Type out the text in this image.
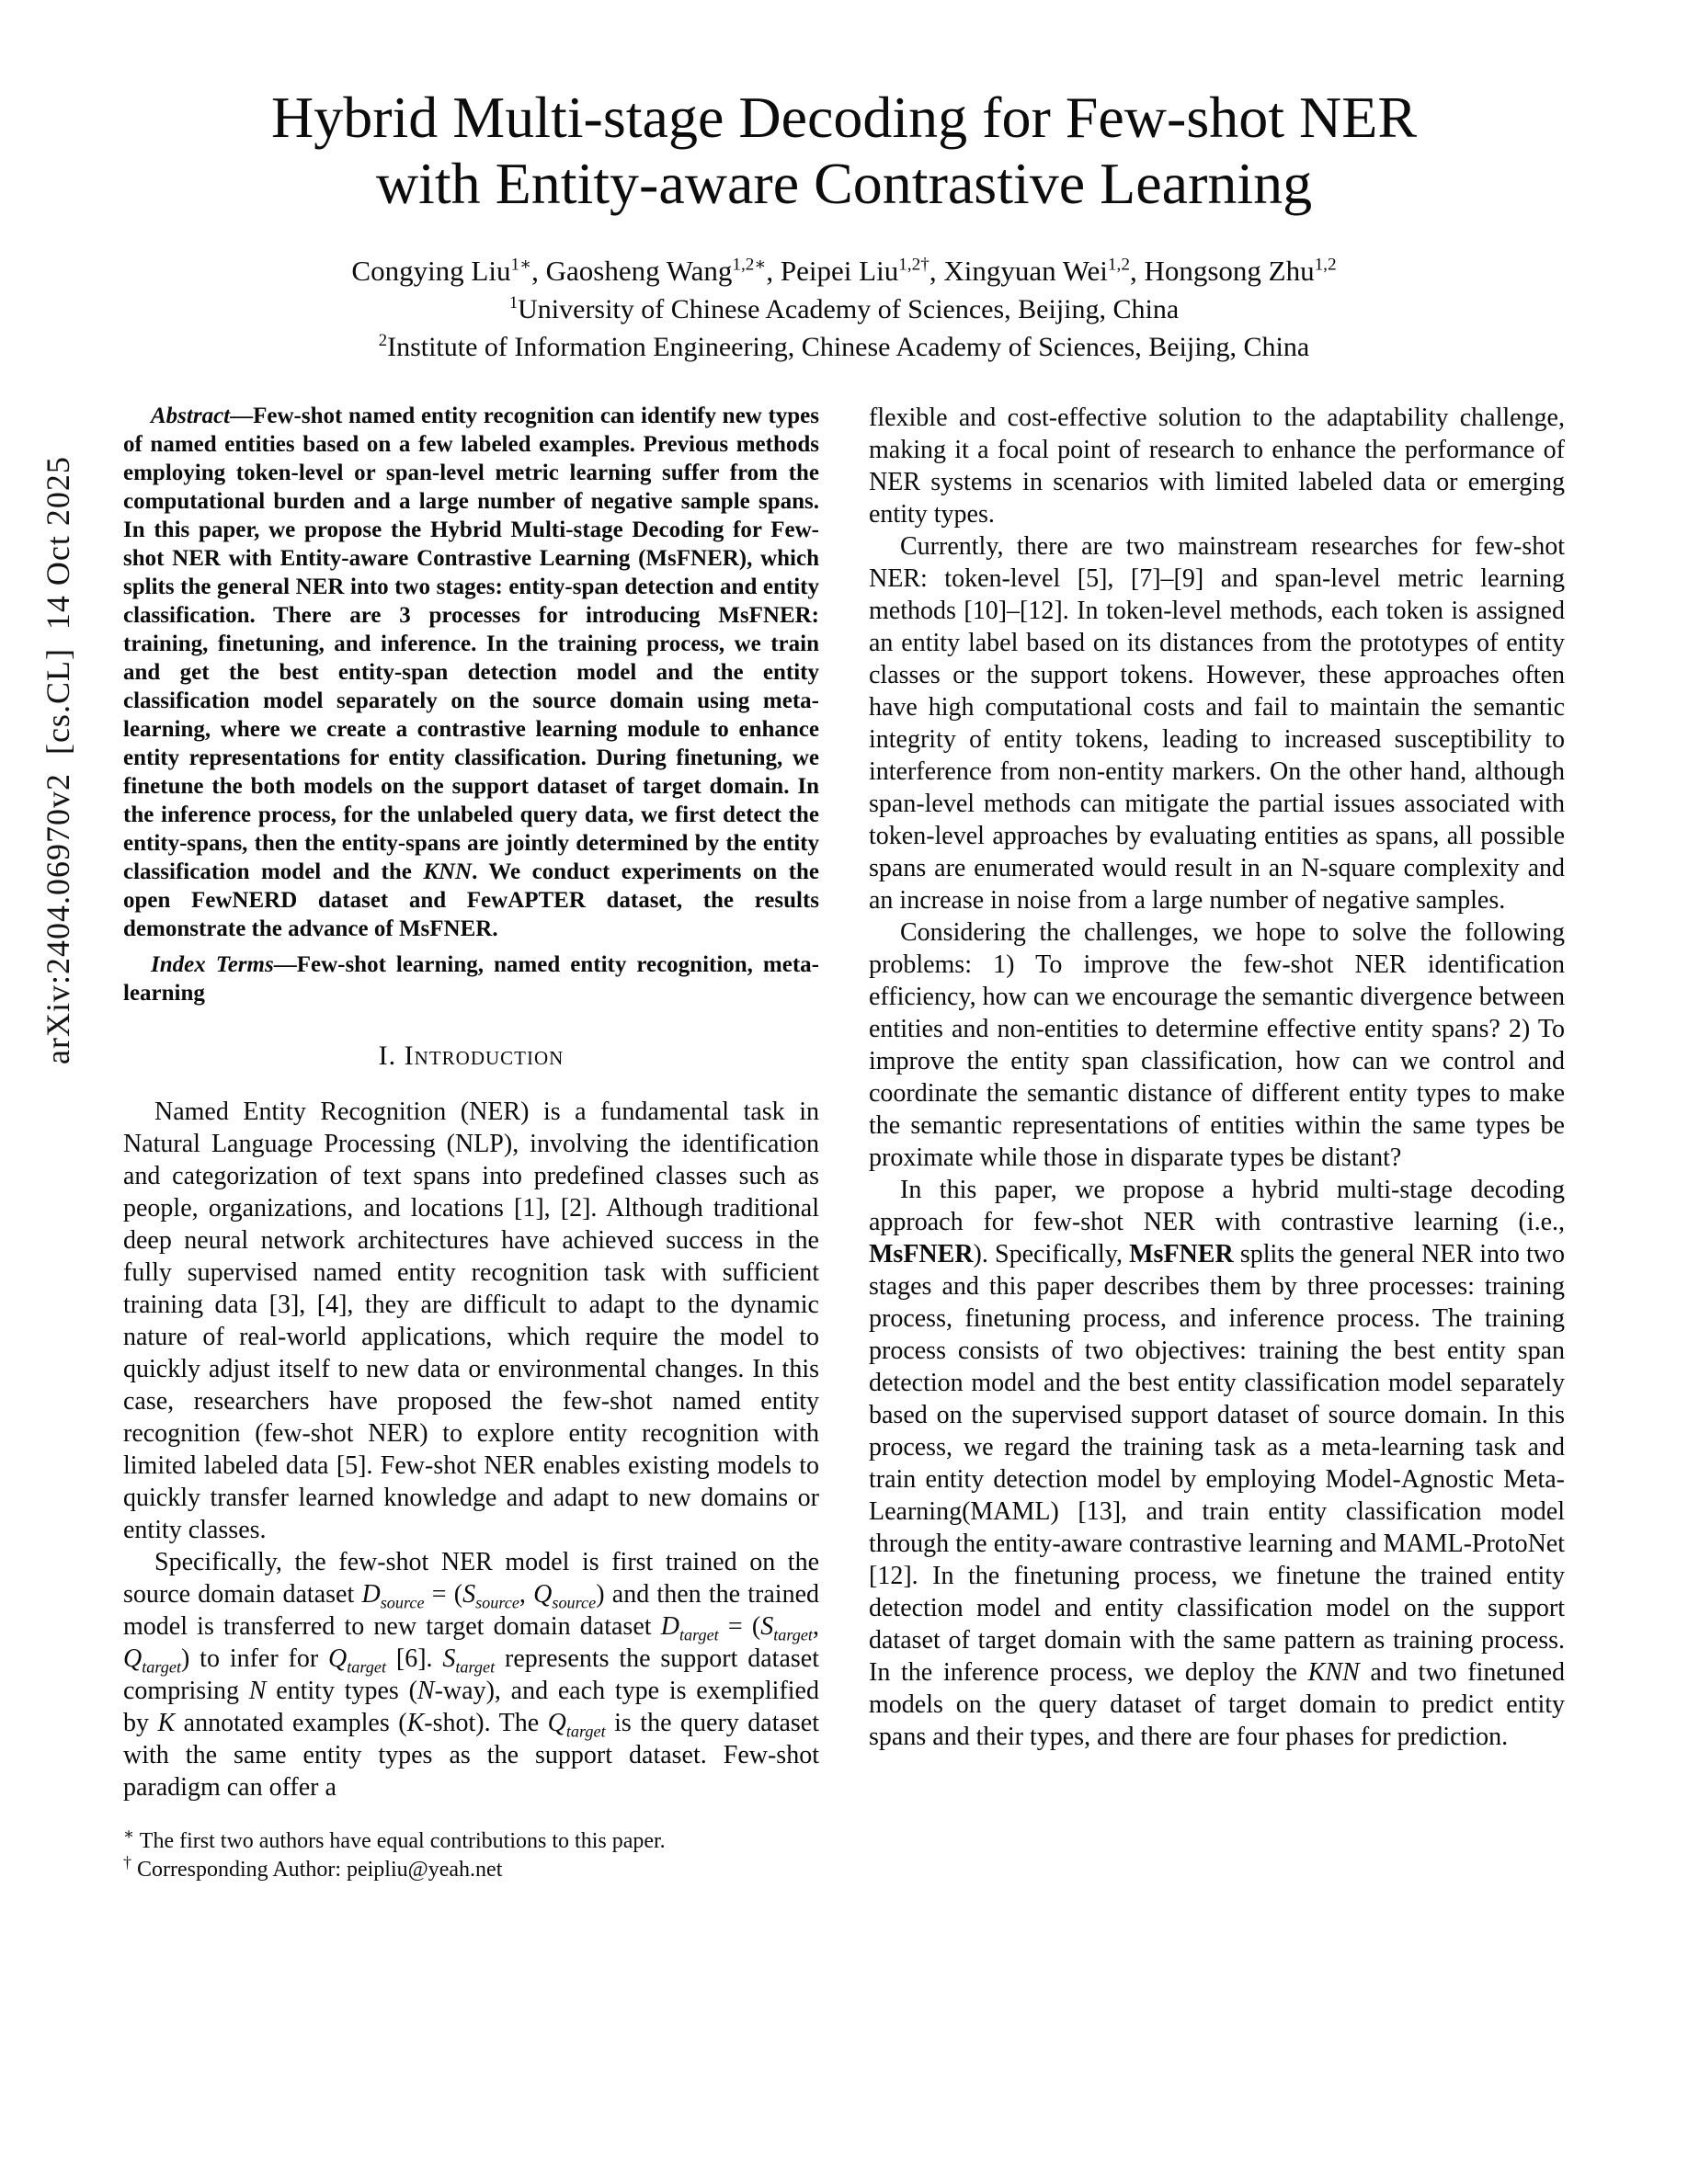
arXiv:2404.06970v2  [cs.CL]  14 Oct 2025
Hybrid Multi-stage Decoding for Few-shot NER
with Entity-aware Contrastive Learning
Congying Liu$^{1∗}$, Gaosheng Wang$^{1,2∗}$, Peipei Liu$^{1,2\dagger}$, Xingyuan Wei$^{1,2}$, Hongsong Zhu$^{1,2}$
$^1$University of Chinese Academy of Sciences, Beijing, China
$^2$Institute of Information Engineering, Chinese Academy of Sciences, Beijing, China

Abstract—Few-shot named entity recognition can identify new types of named entities based on a few labeled examples. Previous methods employing token-level or span-level metric learning suffer from the computational burden and a large number of negative sample spans. In this paper, we propose the Hybrid Multi-stage Decoding for Few-shot NER with Entity-aware Contrastive Learning (MsFNER), which splits the general NER into two stages: entity-span detection and entity classification. There are 3 processes for introducing MsFNER: training, finetuning, and inference. In the training process, we train and get the best entity-span detection model and the entity classification model separately on the source domain using meta-learning, where we create a contrastive learning module to enhance entity representations for entity classification. During finetuning, we finetune the both models on the support dataset of target domain. In the inference process, for the unlabeled query data, we first detect the entity-spans, then the entity-spans are jointly determined by the entity classification model and the KNN. We conduct experiments on the open FewNERD dataset and FewAPTER dataset, the results demonstrate the advance of MsFNER.

Index Terms—Few-shot learning, named entity recognition, meta-learning

I. Introduction

Named Entity Recognition (NER) is a fundamental task in Natural Language Processing (NLP), involving the identification and categorization of text spans into predefined classes such as people, organizations, and locations [1], [2]. Although traditional deep neural network architectures have achieved success in the fully supervised named entity recognition task with sufficient training data [3], [4], they are difficult to adapt to the dynamic nature of real-world applications, which require the model to quickly adjust itself to new data or environmental changes. In this case, researchers have proposed the few-shot named entity recognition (few-shot NER) to explore entity recognition with limited labeled data [5]. Few-shot NER enables existing models to quickly transfer learned knowledge and adapt to new domains or entity classes.

Specifically, the few-shot NER model is first trained on the source domain dataset $D_{source} = (S_{source}$, $Q_{source}$) and then the trained model is transferred to new target domain dataset $D_{target} = (S_{target}$, $Q_{target}$) to infer for $Q_{target}$ [6]. $S_{target}$ represents the support dataset comprising N entity types (N-way), and each type is exemplified by K annotated examples (K-shot). The $Q_{target}$ is the query dataset with the same entity types as the support dataset. Few-shot paradigm can offer a

∗ The first two authors have equal contributions to this paper.

† Corresponding Author: peipliu@yeah.net

flexible and cost-effective solution to the adaptability challenge, making it a focal point of research to enhance the performance of NER systems in scenarios with limited labeled data or emerging entity types.

Currently, there are two mainstream researches for few-shot NER: token-level [5], [7]–[9] and span-level metric learning methods [10]–[12]. In token-level methods, each token is assigned an entity label based on its distances from the prototypes of entity classes or the support tokens. However, these approaches often have high computational costs and fail to maintain the semantic integrity of entity tokens, leading to increased susceptibility to interference from non-entity markers. On the other hand, although span-level methods can mitigate the partial issues associated with token-level approaches by evaluating entities as spans, all possible spans are enumerated would result in an N-square complexity and an increase in noise from a large number of negative samples.

Considering the challenges, we hope to solve the following problems: 1) To improve the few-shot NER identification efficiency, how can we encourage the semantic divergence between entities and non-entities to determine effective entity spans? 2) To improve the entity span classification, how can we control and coordinate the semantic distance of different entity types to make the semantic representations of entities within the same types be proximate while those in disparate types be distant?

In this paper, we propose a hybrid multi-stage decoding approach for few-shot NER with contrastive learning (i.e., MsFNER). Specifically, MsFNER splits the general NER into two stages and this paper describes them by three processes: training process, finetuning process, and inference process. The training process consists of two objectives: training the best entity span detection model and the best entity classification model separately based on the supervised support dataset of source domain. In this process, we regard the training task as a meta-learning task and train entity detection model by employing Model-Agnostic Meta-Learning(MAML) [13], and train entity classification model through the entity-aware contrastive learning and MAML-ProtoNet [12]. In the finetuning process, we finetune the trained entity detection model and entity classification model on the support dataset of target domain with the same pattern as training process. In the inference process, we deploy the KNN and two finetuned models on the query dataset of target domain to predict entity spans and their types, and there are four phases for prediction.
